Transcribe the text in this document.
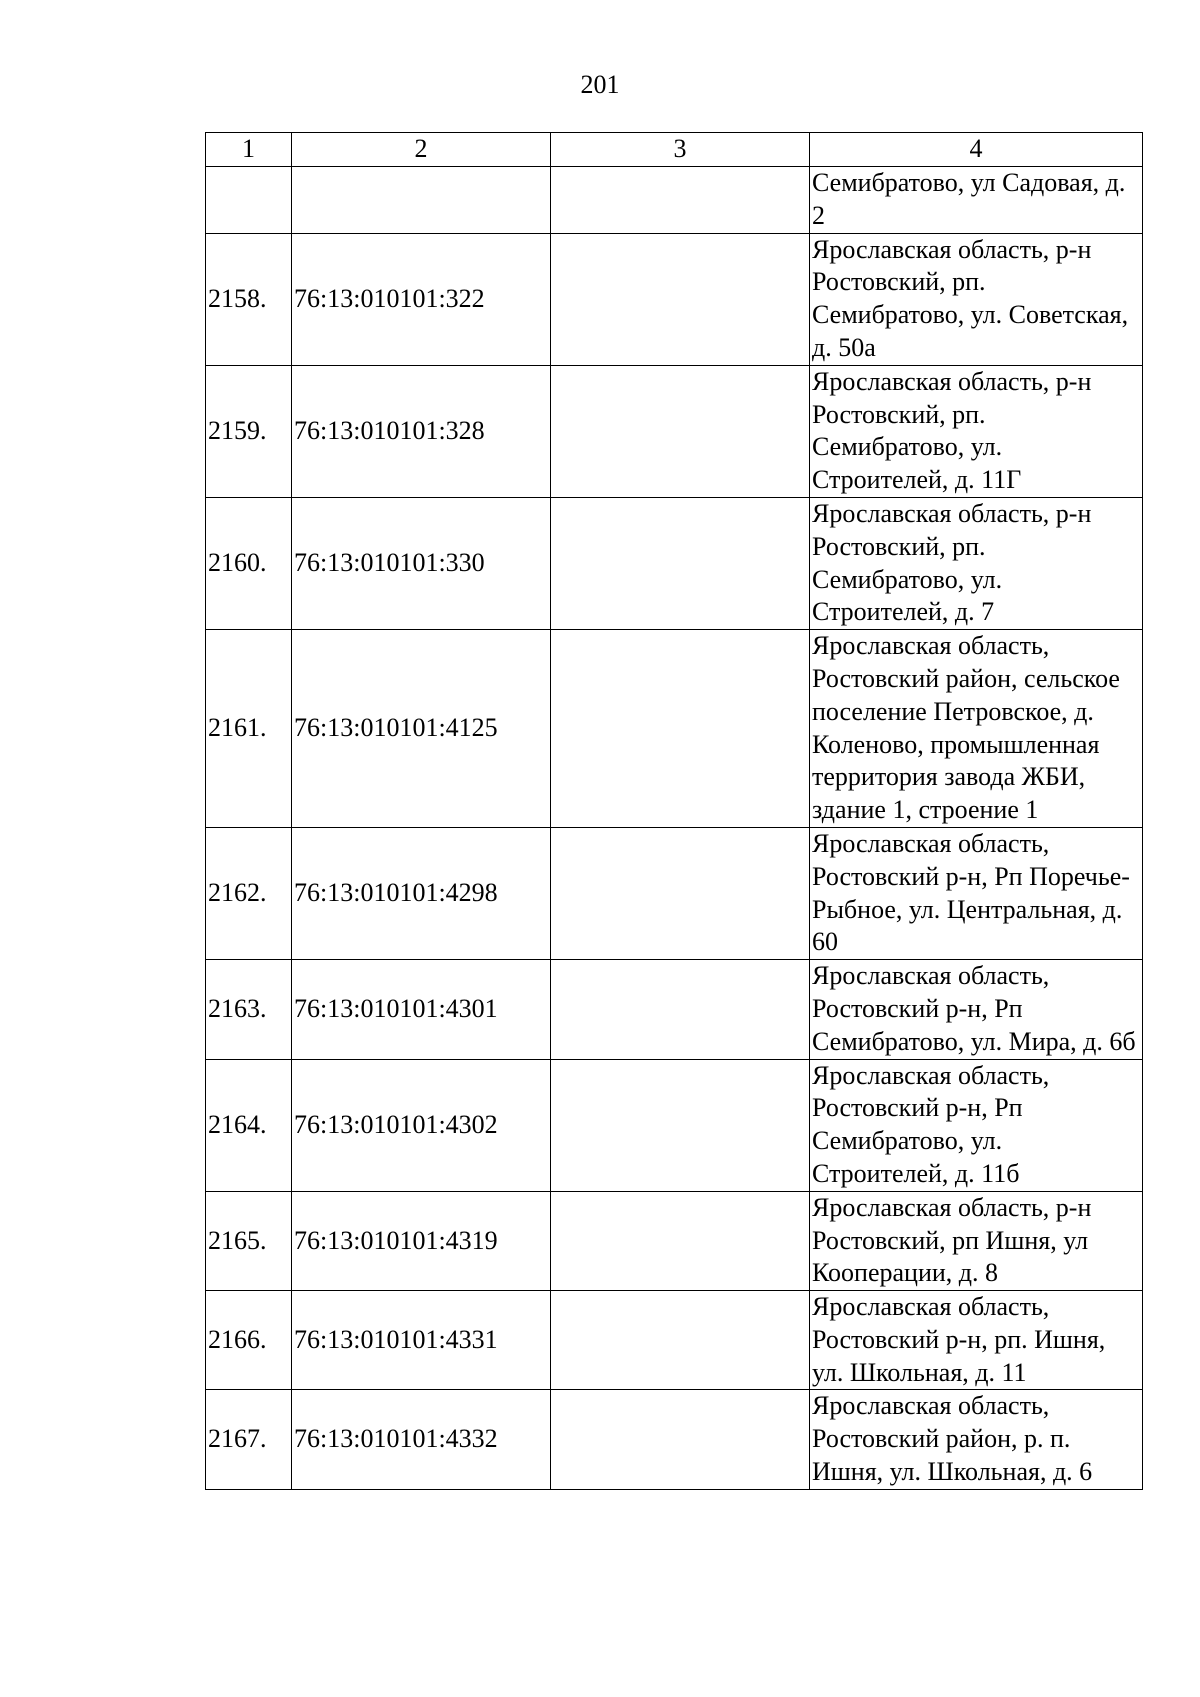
201
1	2	3	4
			Семибратово, ул Садовая, д. 2
2158.	76:13:010101:322		Ярославская область, р-н Ростовский, рп. Семибратово, ул. Советская, д. 50а
2159.	76:13:010101:328		Ярославская область, р-н Ростовский, рп. Семибратово, ул. Строителей, д. 11Г
2160.	76:13:010101:330		Ярославская область, р-н Ростовский, рп. Семибратово, ул. Строителей, д. 7
2161.	76:13:010101:4125		Ярославская область, Ростовский район, сельское поселение Петровское, д. Коленово, промышленная территория завода ЖБИ, здание 1, строение 1
2162.	76:13:010101:4298		Ярославская область, Ростовский р-н, Рп Поречье-Рыбное, ул. Центральная, д. 60
2163.	76:13:010101:4301		Ярославская область, Ростовский р-н, Рп Семибратово, ул. Мира, д. 6б
2164.	76:13:010101:4302		Ярославская область, Ростовский р-н, Рп Семибратово, ул. Строителей, д. 11б
2165.	76:13:010101:4319		Ярославская область, р-н Ростовский, рп Ишня, ул Кооперации, д. 8
2166.	76:13:010101:4331		Ярославская область, Ростовский р-н, рп. Ишня, ул. Школьная, д. 11
2167.	76:13:010101:4332		Ярославская область, Ростовский район, р. п. Ишня, ул. Школьная, д. 6
